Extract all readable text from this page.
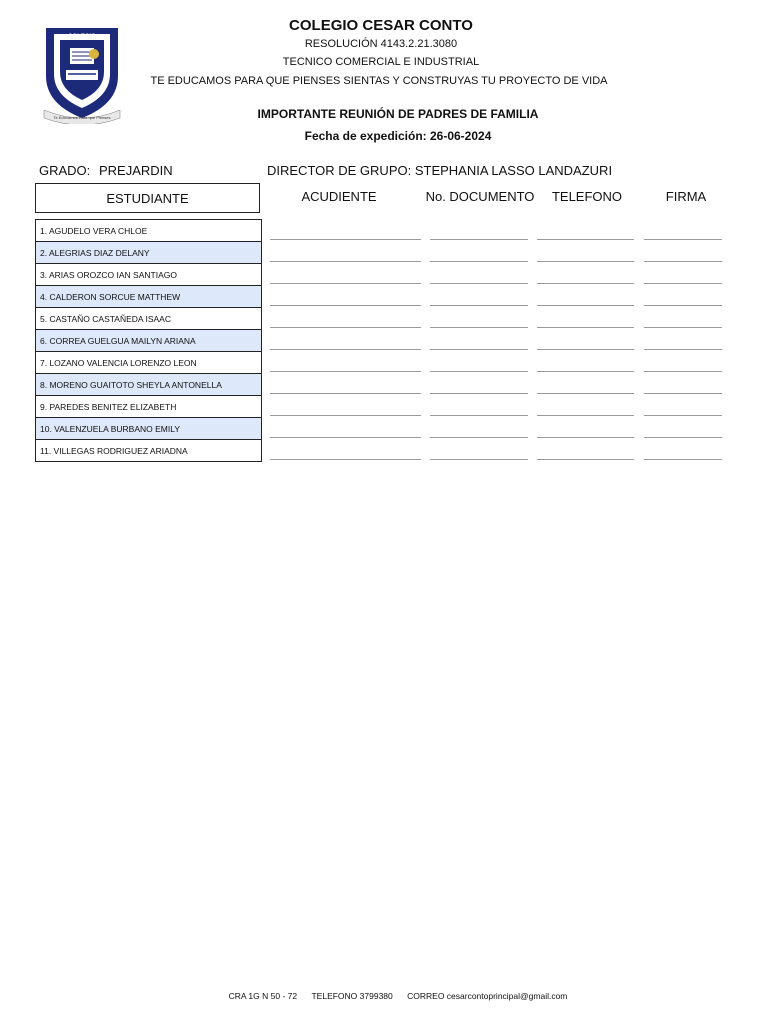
COLEGIO
Te Educamos Para que Pienses
COLEGIO CESAR CONTO
RESOLUCIÓN 4143.2.21.3080
TECNICO COMERCIAL E INDUSTRIAL
TE EDUCAMOS PARA QUE PIENSES SIENTAS Y CONSTRUYAS TU PROYECTO DE VIDA
IMPORTANTE REUNIÓN DE PADRES DE FAMILIA
Fecha de expedición: 26-06-2024
GRADO: PREJARDIN	DIRECTOR DE GRUPO: STEPHANIA LASSO LANDAZURI
ESTUDIANTE	ACUDIENTE	No. DOCUMENTO	TELEFONO	FIRMA
1. AGUDELO VERA CHLOE
2. ALEGRIAS DIAZ DELANY
3. ARIAS OROZCO IAN SANTIAGO
4. CALDERON SORCUE MATTHEW
5. CASTAÑO CASTAÑEDA ISAAC
6. CORREA GUELGUA MAILYN ARIANA
7. LOZANO VALENCIA LORENZO LEON
8. MORENO GUAITOTO SHEYLA ANTONELLA
9. PAREDES BENITEZ ELIZABETH
10. VALENZUELA BURBANO EMILY
11. VILLEGAS RODRIGUEZ ARIADNA
CRA 1G N 50 - 72 TELEFONO 3799380 CORREO cesarcontoprincipal@gmail.com
